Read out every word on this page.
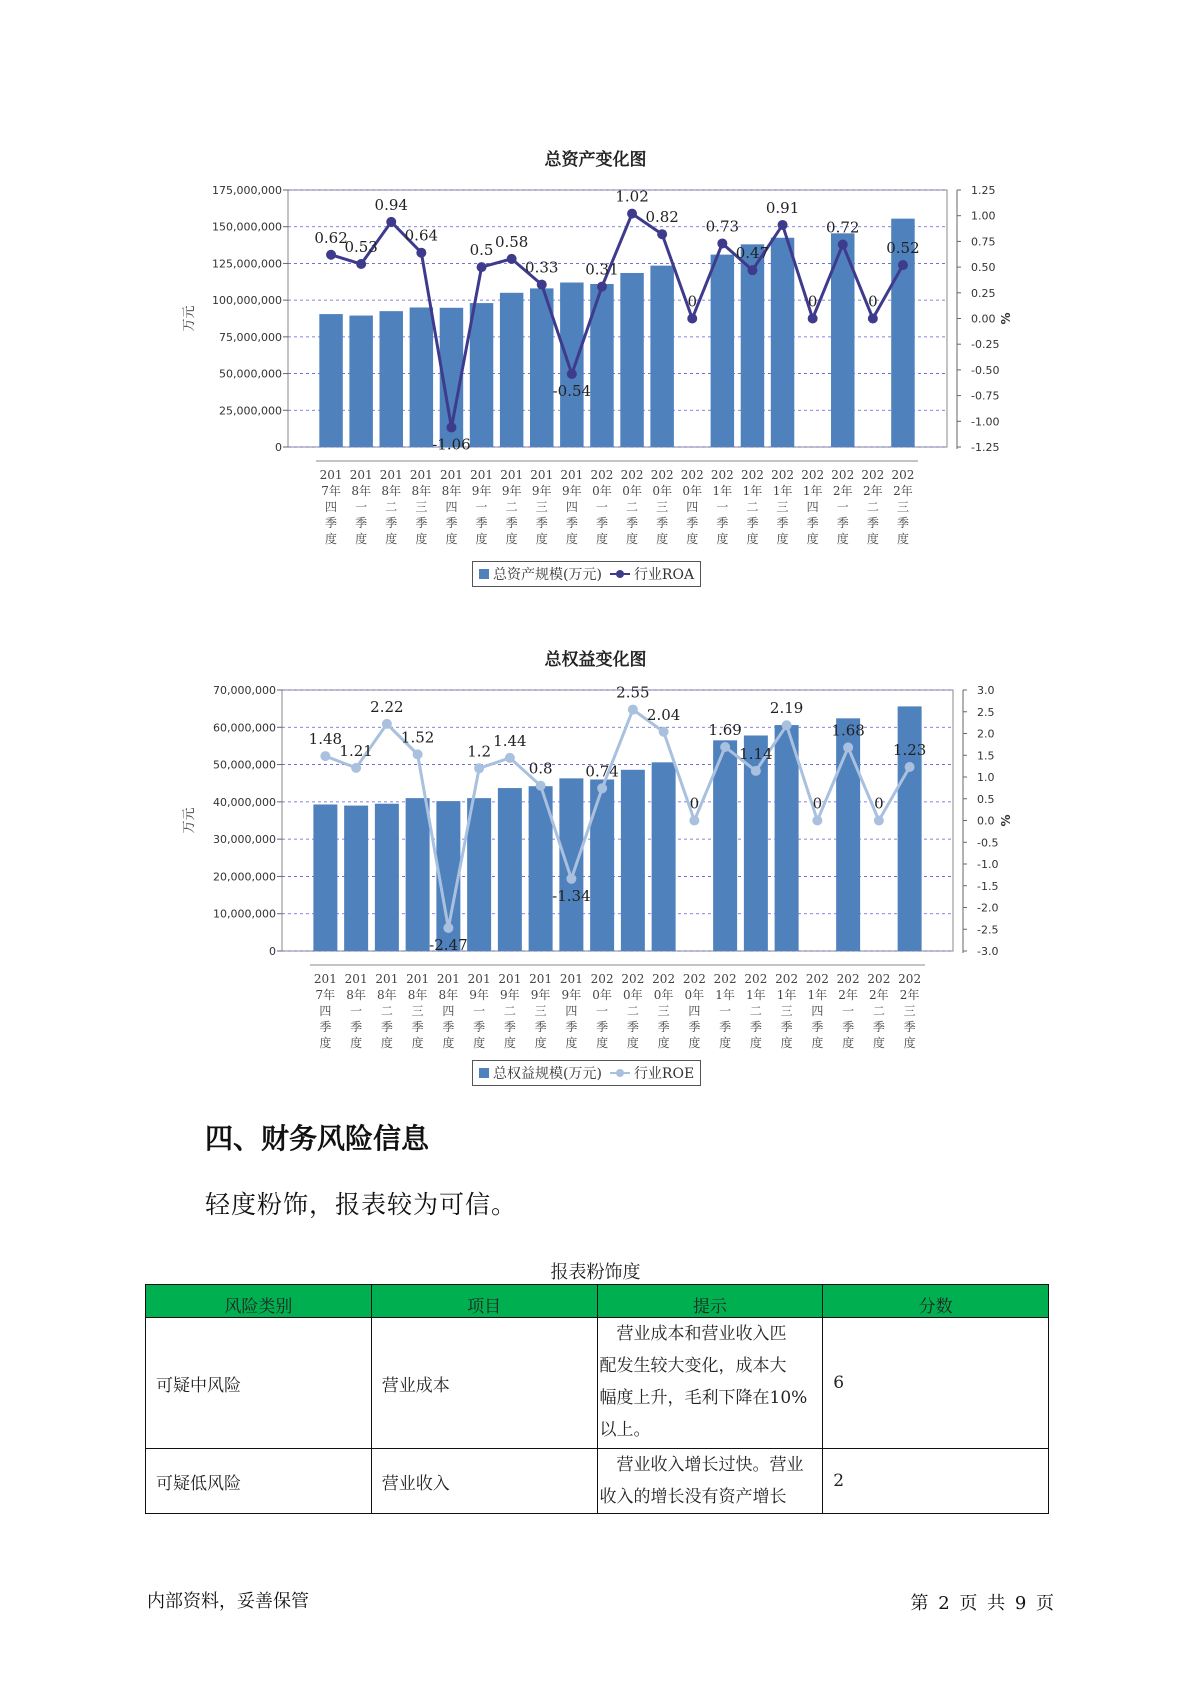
总资产变化图
175,000,000
150,000,000
125,000,000
100,000,000
75,000,000
50,000,000
25,000,000
0
1.25
1.00
0.75
0.50
0.25
0.00
-0.25
-0.50
-0.75
-1.00
-1.25
万元	%
201 7年四季度
201 8年一季度
201 8年二季度
201 8年三季度
201 8年四季度
201 9年一季度
201 9年二季度
201 9年三季度
201 9年四季度
202 0年一季度
202 0年二季度
202 0年三季度
202 0年四季度
202 1年一季度
202 1年二季度
202 1年三季度
202 1年四季度
202 2年一季度
202 2年二季度
202 2年三季度
0.62
0.53
0.94
0.64
-1.06
0.5 0.58
0.33
-0.54
0.31
1.02
0.82
0
0.73
0.47
0.91
0
0.72
0
0.52
总资产规模(万元) 行业ROA
总权益变化图
70,000,000
60,000,000
50,000,000
40,000,000
30,000,000
20,000,000
10,000,000
0
3.0
2.5
2.0
1.5
1.0
0.5
0.0
-0.5
-1.0
-1.5
-2.0
-2.5
-3.0
万元	%
201 7年四季度
201 8年一季度
201 8年二季度
201 8年三季度
201 8年四季度
201 9年一季度
201 9年二季度
201 9年三季度
201 9年四季度
202 0年一季度
202 0年二季度
202 0年三季度
202 0年四季度
202 1年一季度
202 1年二季度
202 1年三季度
202 1年四季度
202 2年一季度
202 2年二季度
202 2年三季度
1.48
1.21
2.22
1.52
-2.47
1.2
1.44
0.8
-1.34
0.74
2.55
2.04
0
1.69
1.14
2.19
0
1.68
0
1.23
总权益规模(万元) 行业ROE
四、财务风险信息
轻度粉饰，报表较为可信。
报表粉饰度
风险类别	项目	提示	分数
可疑中风险	营业成本	　营业成本和营业收入匹
配发生较大变化，成本大
幅度上升，毛利下降在10%
以上。	6
可疑低风险	营业收入	　营业收入增长过快。营业
收入的增长没有资产增长	2
内部资料，妥善保管	第 2 页 共 9 页
